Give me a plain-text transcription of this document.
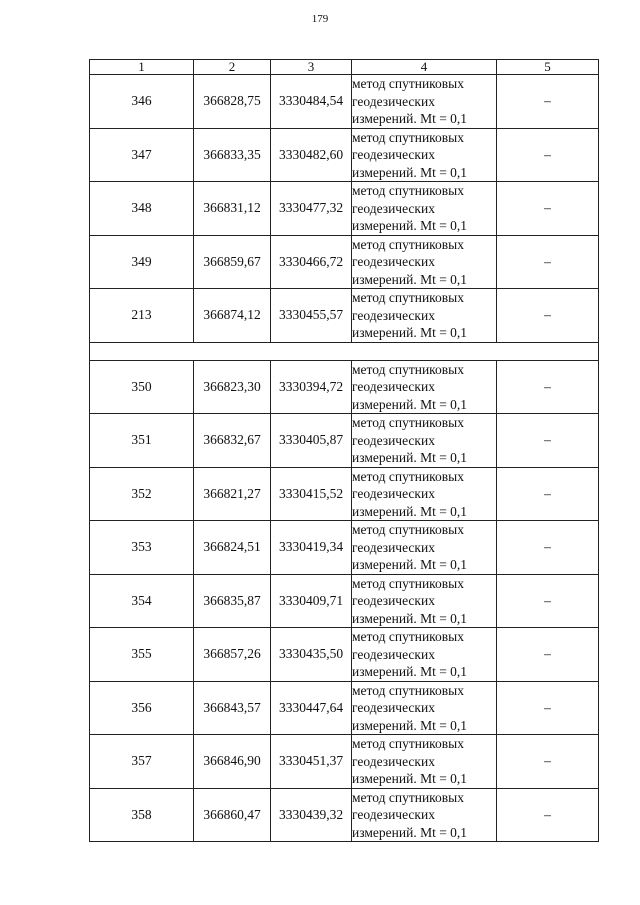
179
1	2	3	4	5
346	366828,75	3330484,54	метод спутниковых
геодезических
измерений. Mt = 0,1	–
347	366833,35	3330482,60	метод спутниковых
геодезических
измерений. Mt = 0,1	–
348	366831,12	3330477,32	метод спутниковых
геодезических
измерений. Mt = 0,1	–
349	366859,67	3330466,72	метод спутниковых
геодезических
измерений. Mt = 0,1	–
213	366874,12	3330455,57	метод спутниковых
геодезических
измерений. Mt = 0,1	–

350	366823,30	3330394,72	метод спутниковых
геодезических
измерений. Mt = 0,1	–
351	366832,67	3330405,87	метод спутниковых
геодезических
измерений. Mt = 0,1	–
352	366821,27	3330415,52	метод спутниковых
геодезических
измерений. Mt = 0,1	–
353	366824,51	3330419,34	метод спутниковых
геодезических
измерений. Mt = 0,1	–
354	366835,87	3330409,71	метод спутниковых
геодезических
измерений. Mt = 0,1	–
355	366857,26	3330435,50	метод спутниковых
геодезических
измерений. Mt = 0,1	–
356	366843,57	3330447,64	метод спутниковых
геодезических
измерений. Mt = 0,1	–
357	366846,90	3330451,37	метод спутниковых
геодезических
измерений. Mt = 0,1	–
358	366860,47	3330439,32	метод спутниковых
геодезических
измерений. Mt = 0,1	–
